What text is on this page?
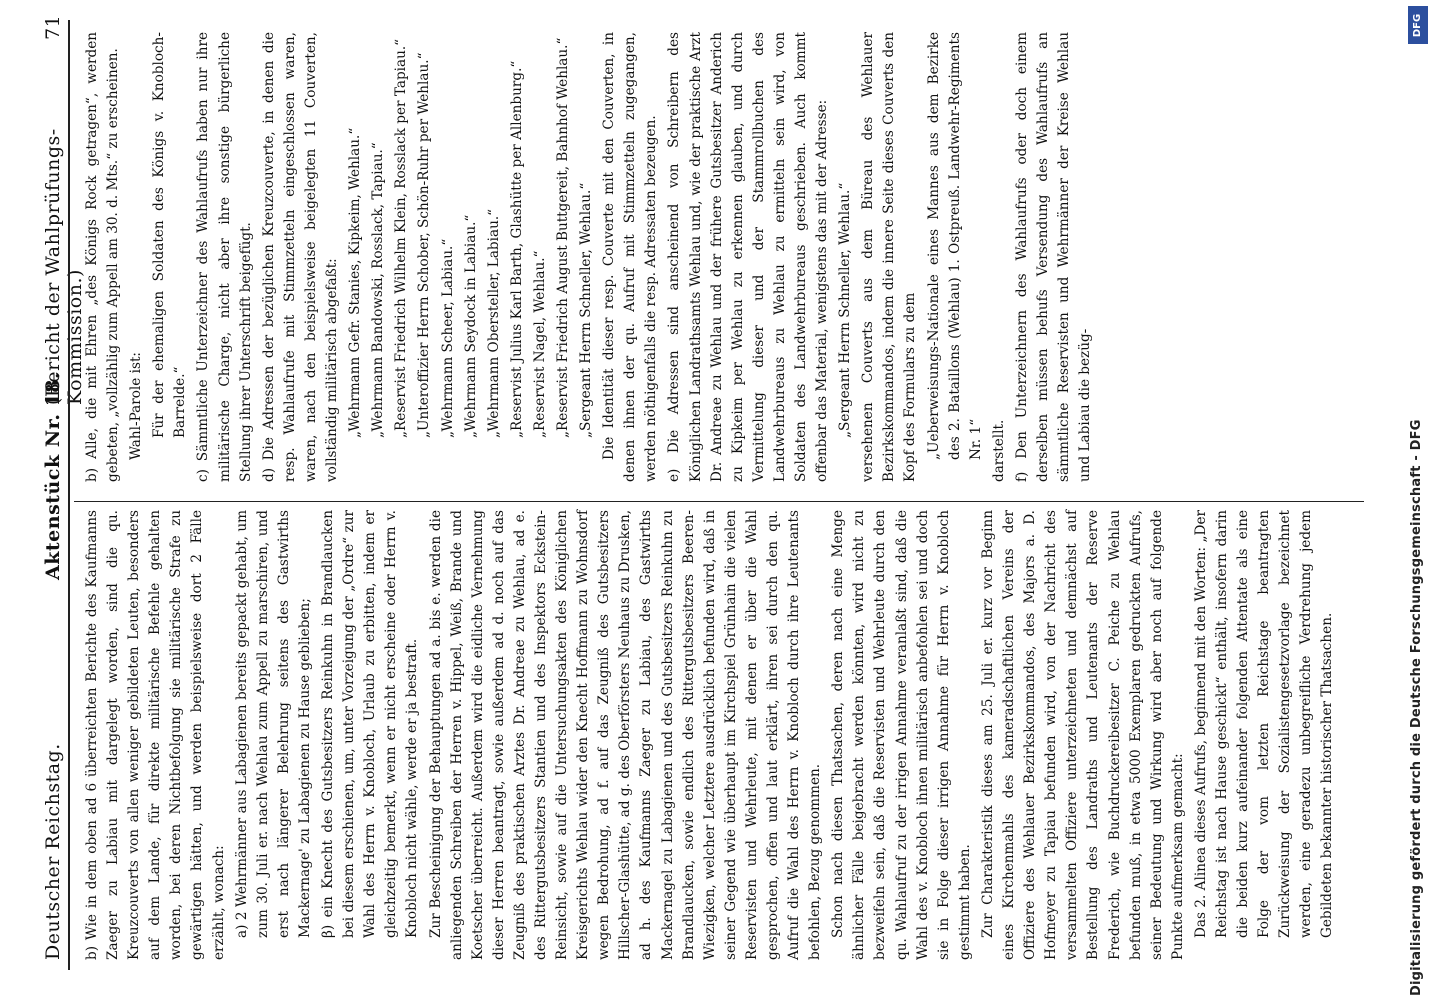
Deutscher Reichstag.
Aktenstück Nr. 18.
(Bericht der Wahlprüfungs-Kommission.)
71

b) Wie in dem oben ad 6 überreichten Berichte des Kaufmanns Zaeger zu Labiau mit dargelegt worden, sind die qu. Kreuzcouverts von allen weniger gebildeten Leuten, besonders auf dem Lande, für direkte militärische Befehle gehalten worden, bei deren Nichtbefolgung sie militärische Strafe zu gewärtigen hätten, und werden beispielsweise dort 2 Fälle erzählt, wonach: a) 2 Wehrmänner aus Labagienen bereits gepackt gehabt, um zum 30. Juli er. nach Wehlau zum Appell zu marschiren, und erst nach längerer Belehrung seitens des Gastwirths Mackernage' zu Labagienen zu Hause geblieben; β) ein Knecht des Gutsbesitzers Reinkuhn in Brandlaucken bei diesem erschienen, um, unter Vorzeigung der „Ordre“ zur Wahl des Herrn v. Knobloch, Urlaub zu erbitten, indem er gleichzeitig bemerkt, wenn er nicht erscheine oder Herrn v. Knobloch nicht wähle, werde er ja bestraft. Zur Bescheinigung der Behauptungen ad a. bis e. werden die anliegenden Schreiben der Herren v. Hippel, Weiß, Brande und Koetscher überreicht. Außerdem wird die eidliche Vernehmung dieser Herren beantragt, sowie außerdem ad d. noch auf das Zeugniß des praktischen Arztes Dr. Andreae zu Wehlau, ad e. des Rittergutsbesitzers Stantien und des Inspektors Eckstein-Reinsicht, sowie auf die Untersuchungsakten des Königlichen Kreisgerichts Wehlau wider den Knecht Hoffmann zu Wohnsdorf wegen Bedrohung, ad f. auf das Zeugniß des Gutsbesitzers Hillscher-Glashütte, ad g. des Oberförsters Neuhaus zu Drusken, ad h. des Kaufmanns Zaeger zu Labiau, des Gastwirths Mackernagel zu Labagienen und des Gutsbesitzers Reinkuhn zu Brandlaucken, sowie endlich des Rittergutsbesitzers Beeren-Wiezigken, welcher Letztere ausdrücklich befunden wird, daß in seiner Gegend wie überhaupt im Kirchspiel Grünhain die vielen Reservisten und Wehrleute, mit denen er über die Wahl gesprochen, offen und laut erklärt, ihren sei durch den qu. Aufruf die Wahl des Herrn v. Knobloch durch ihre Leutenants befohlen, Bezug genommen. Schon nach diesen Thatsachen, deren nach eine Menge ähnlicher Fälle beigebracht werden könnten, wird nicht zu bezweifeln sein, daß die Reservisten und Wehrleute durch den qu. Wahlaufruf zu der irrigen Annahme veranlaßt sind, daß die Wahl des v. Knobloch ihnen militärisch anbefohlen sei und doch sie in Folge dieser irrigen Annahme für Herrn v. Knobloch gestimmt haben. Zur Charakteristik dieses am 25. Juli er. kurz vor Beginn eines Kirchenmahls des kameradschaftlichen Vereins der Offiziere des Wehlauer Bezirkskommandos, des Majors a. D. Hofmeyer zu Tapiau befunden wird, von der Nachricht des versammelten Offiziere unterzeichneten und demnächst auf Bestellung des Landraths und Leutenants der Reserve Frederich, wie Buchdruckereibesitzer C. Peiche zu Wehlau befunden muß, in etwa 5000 Exemplaren gedruckten Aufrufs, seiner Bedeutung und Wirkung wird aber noch auf folgende Punkte aufmerksam gemacht: Das 2. Alinea dieses Aufrufs, beginnend mit den Worten: „Der Reichstag ist nach Hause geschickt“ enthält, insofern darin die beiden kurz aufeinander folgenden Attentate als eine Folge der vom letzten Reichstage beantragten Zurückweisung der Sozialistengesetzvorlage bezeichnet werden, eine geradezu unbegreifliche Verdrehung jedem Gebildeten bekannter historischer Thatsachen.

b) Alle, die mit Ehren „des Königs Rock getragen“, werden gebeten, „vollzählig zum Appell am 30. d. Mts.“ zu erscheinen. Wahl-Parole ist: Für der ehemaligen Soldaten des Königs v. Knobloch-Barrelde.“ c) Sämmtliche Unterzeichner des Wahlaufrufs haben nur ihre militärische Charge, nicht aber ihre sonstige bürgerliche Stellung ihrer Unterschrift beigefügt. d) Die Adressen der bezüglichen Kreuzcouverte, in denen die resp. Wahlaufrufe mit Stimmzetteln eingeschlossen waren, waren, nach den beispielsweise beigelegten 11 Couverten, vollständig militärisch abgefaßt: „Wehrmann Gefr. Stanies, Kipkeim, Wehlau.“ „Wehrmann Bandowski, Rosslack, Tapiau.“ „Reservist Friedrich Wilhelm Klein, Rosslack per Tapiau.“ „Unteroffizier Herrn Schober, Schön-Ruhr per Wehlau.“ „Wehrmann Scheer, Labiau.“ „Wehrmann Seydock in Labiau.“ „Wehrmann Obersteller, Labiau.“ „Reservist Julius Karl Barth, Glashütte per Allenburg.“ „Reservist Nagel, Wehlau.“ „Reservist Friedrich August Buttgereit, Bahnhof Wehlau.“ „Sergeant Herrn Schneller, Wehlau.“ Die Identität dieser resp. Couverte mit den Couverten, in denen ihnen der qu. Aufruf mit Stimmzetteln zugegangen, werden nöthigenfalls die resp. Adressaten bezeugen. e) Die Adressen sind anscheinend von Schreibern des Königlichen Landrathsamts Wehlau und, wie der praktische Arzt Dr. Andreae zu Wehlau und der frühere Gutsbesitzer Anderich zu Kipkeim per Wehlau zu erkennen glauben, und durch Vermittelung dieser und der Stammrollbuchen des Landwehrbureaus zu Wehlau zu ermitteln sein wird, von Soldaten des Landwehrbureaus geschrieben. Auch kommt offenbar das Material, wenigstens das mit der Adresse: „Sergeant Herrn Schneller, Wehlau.“ versehenen Couverts aus dem Büreau des Wehlauer Bezirkskommandos, indem die innere Seite dieses Couverts den Kopf des Formulars zu dem „Ueberweisungs-Nationale eines Mannes aus dem Bezirke des 2. Bataillons (Wehlau) 1. Ostpreuß. Landwehr-Regiments Nr. 1“ darstellt. f) Den Unterzeichnern des Wahlaufrufs oder doch einem derselben müssen behufs Versendung des Wahlaufrufs an sämmtliche Reservisten und Wehrmänner der Kreise Wehlau und Labiau die bezüg-

Digitalisierung gefördert durch die Deutsche Forschungsgemeinschaft - DFG
DFG
